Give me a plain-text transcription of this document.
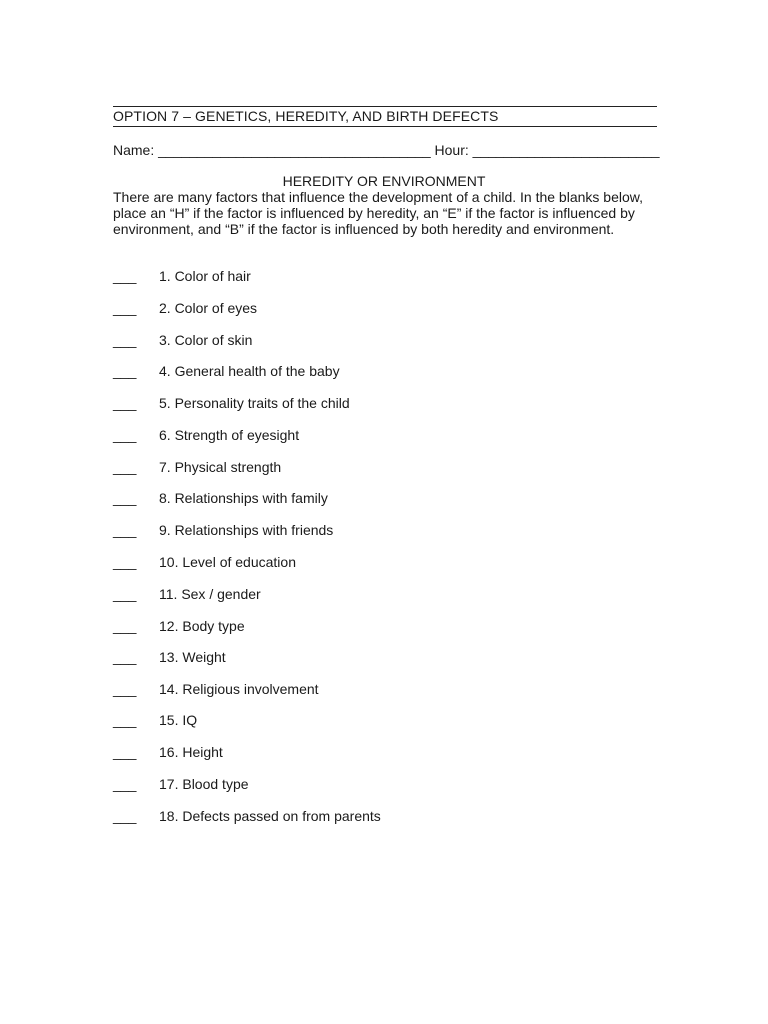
OPTION 7 – GENETICS, HEREDITY, AND BIRTH DEFECTS
Name: ___________________________________ Hour: ________________________
HEREDITY OR ENVIRONMENT
There are many factors that influence the development of a child. In the blanks below, place an “H” if the factor is influenced by heredity, an “E” if the factor is influenced by environment, and “B” if the factor is influenced by both heredity and environment.
___ 1. Color of hair
___ 2. Color of eyes
___ 3. Color of skin
___ 4. General health of the baby
___ 5. Personality traits of the child
___ 6. Strength of eyesight
___ 7. Physical strength
___ 8. Relationships with family
___ 9. Relationships with friends
___ 10. Level of education
___ 11. Sex / gender
___ 12. Body type
___ 13. Weight
___ 14. Religious involvement
___ 15. IQ
___ 16. Height
___ 17. Blood type
___ 18. Defects passed on from parents
